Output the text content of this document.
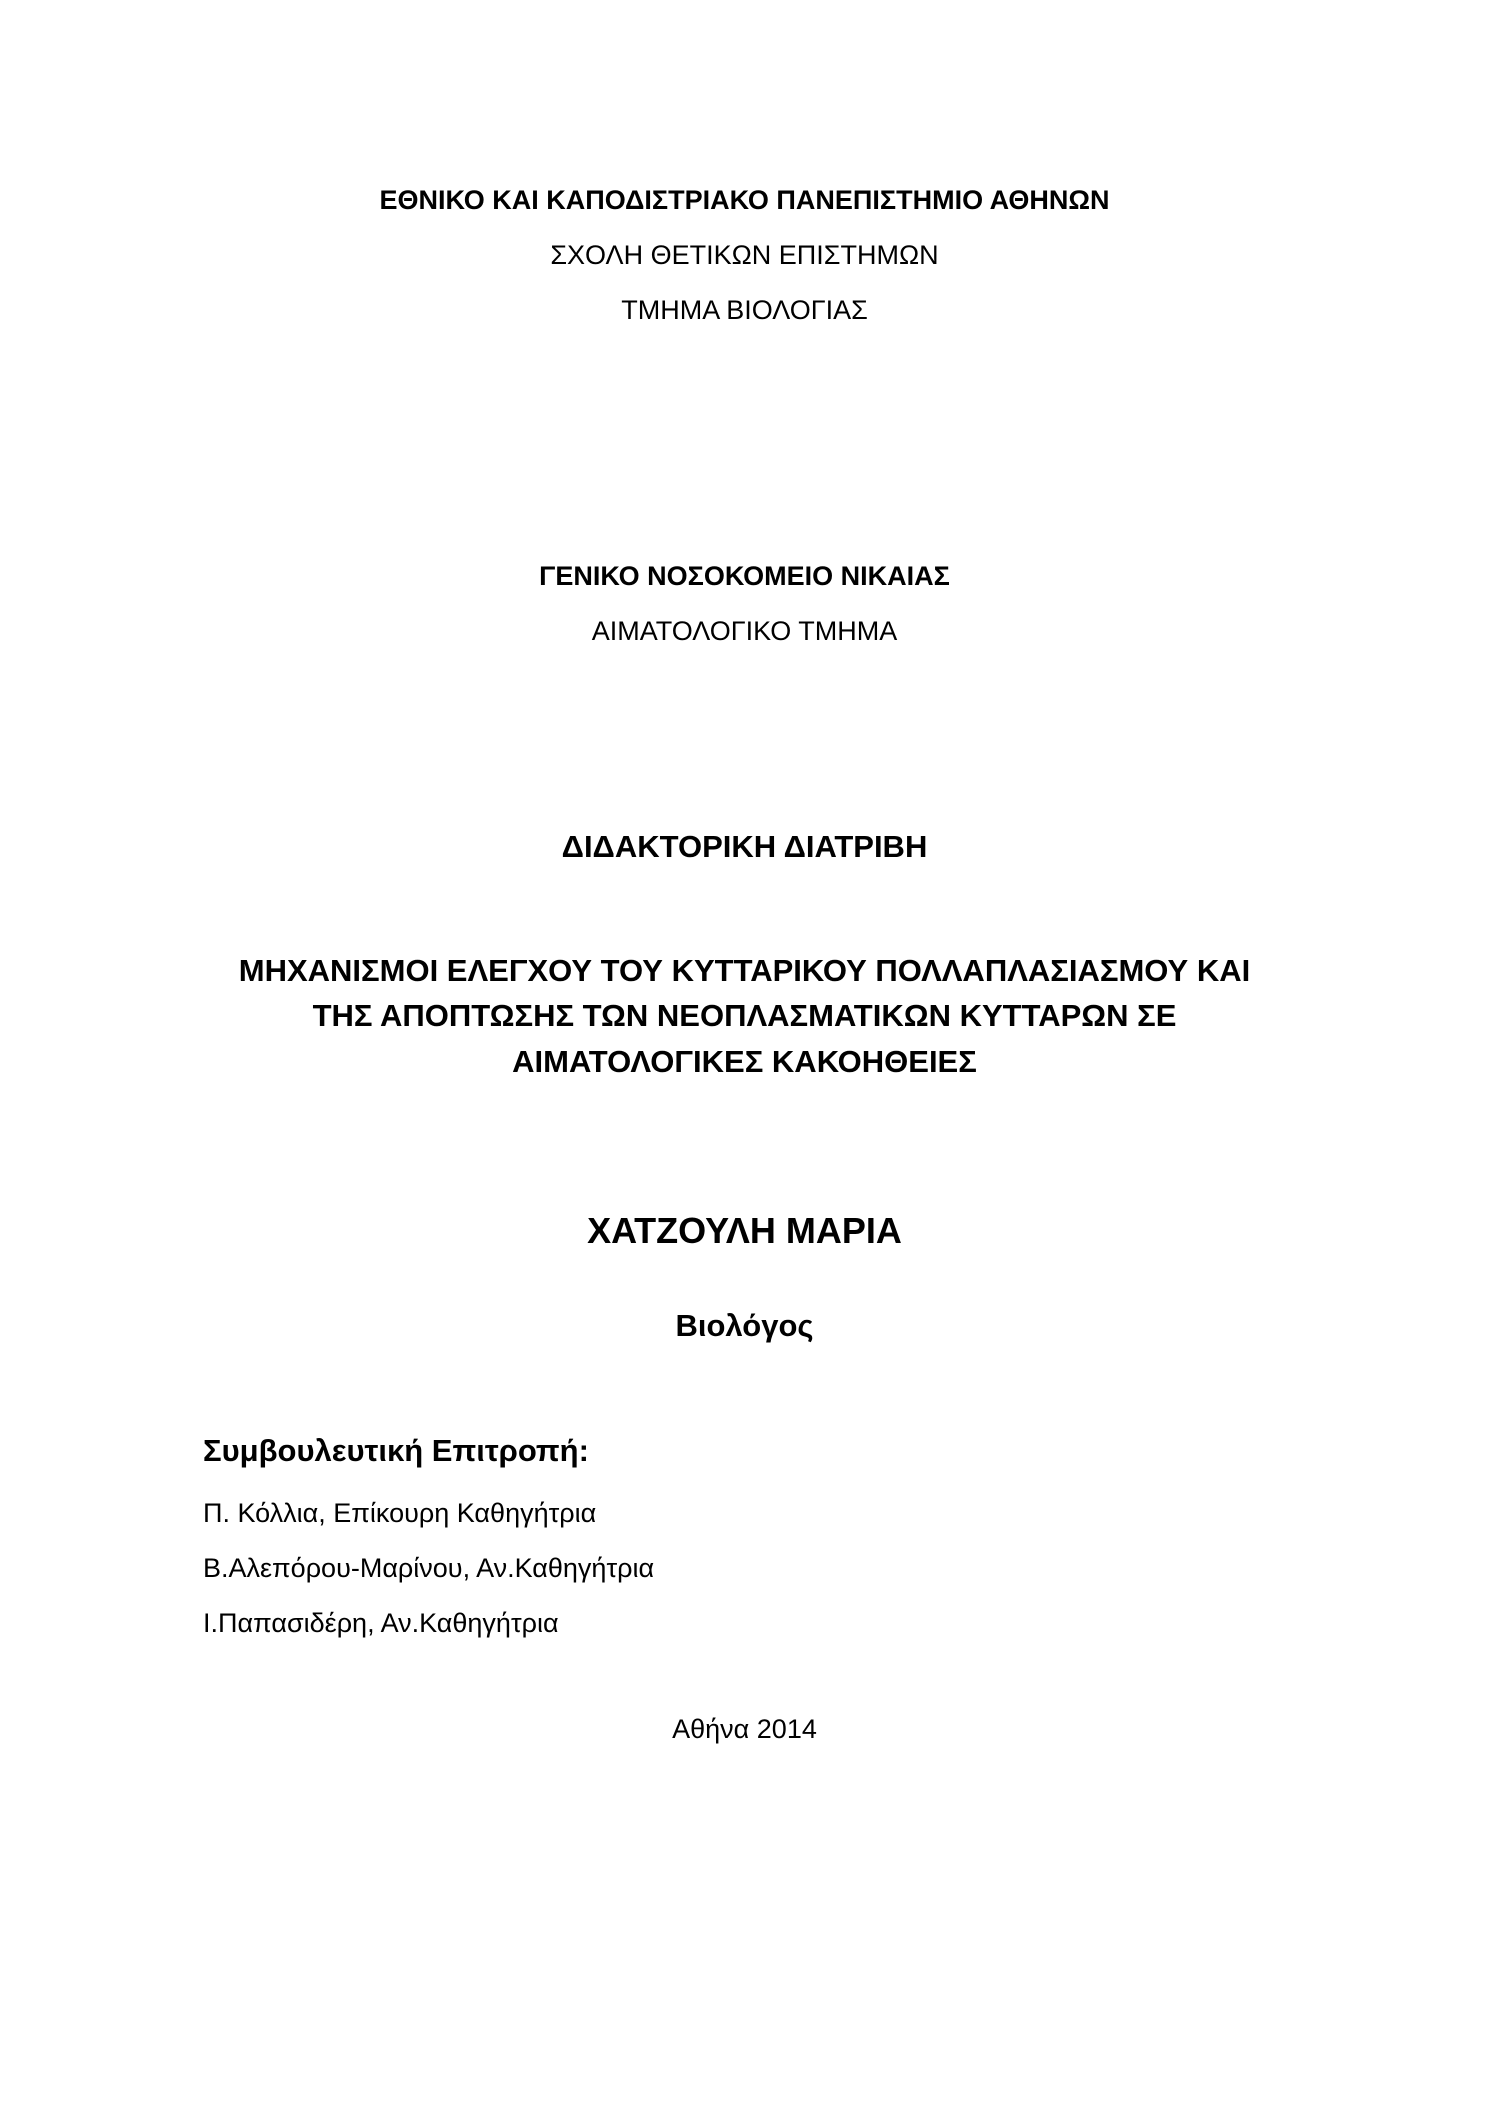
ΕΘΝΙΚΟ ΚΑΙ ΚΑΠΟΔΙΣΤΡΙΑΚΟ ΠΑΝΕΠΙΣΤΗΜΙΟ ΑΘΗΝΩΝ
ΣΧΟΛΗ ΘΕΤΙΚΩΝ ΕΠΙΣΤΗΜΩΝ
ΤΜΗΜΑ ΒΙΟΛΟΓΙΑΣ
ΓΕΝΙΚΟ ΝΟΣΟΚΟΜΕΙΟ ΝΙΚΑΙΑΣ
ΑΙΜΑΤΟΛΟΓΙΚΟ ΤΜΗΜΑ
ΔΙΔΑΚΤΟΡΙΚΗ ΔΙΑΤΡΙΒΗ
ΜΗΧΑΝΙΣΜΟΙ ΕΛΕΓΧΟΥ ΤΟΥ ΚΥΤΤΑΡΙΚΟΥ ΠΟΛΛΑΠΛΑΣΙΑΣΜΟΥ ΚΑΙ
ΤΗΣ ΑΠΟΠΤΩΣΗΣ ΤΩΝ ΝΕΟΠΛΑΣΜΑΤΙΚΩΝ ΚΥΤΤΑΡΩΝ ΣΕ
ΑΙΜΑΤΟΛΟΓΙΚΕΣ ΚΑΚΟΗΘΕΙΕΣ
ΧΑΤΖΟΥΛΗ ΜΑΡΙΑ
Βιολόγος
Συμβουλευτική Επιτροπή:
Π. Κόλλια, Επίκουρη Καθηγήτρια
Β.Αλεπόρου-Μαρίνου, Αν.Καθηγήτρια
Ι.Παπασιδέρη, Αν.Καθηγήτρια
Αθήνα 2014
